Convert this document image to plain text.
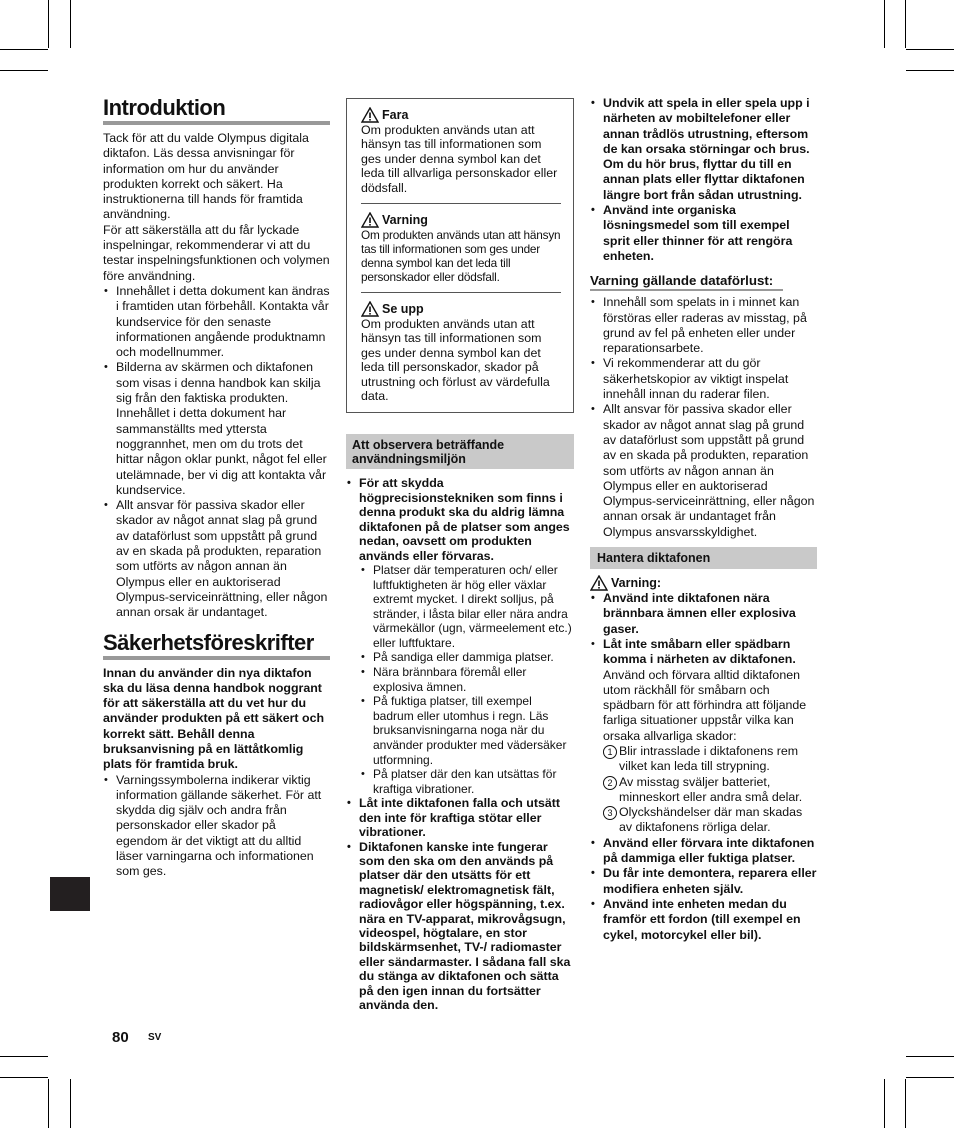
Introduktion

Tack för att du valde Olympus digitala diktafon. Läs dessa anvisningar för information om hur du använder produkten korrekt och säkert. Ha instruktionerna till hands för framtida användning.

För att säkerställa att du får lyckade inspelningar, rekommenderar vi att du testar inspelningsfunktionen och volymen före användning.

• Innehållet i detta dokument kan ändras i framtiden utan förbehåll. Kontakta vår kundservice för den senaste informationen angående produktnamn och modellnummer.
• Bilderna av skärmen och diktafonen som visas i denna handbok kan skilja sig från den faktiska produkten. Innehållet i detta dokument har sammanställts med yttersta noggrannhet, men om du trots det hittar någon oklar punkt, något fel eller utelämnade, ber vi dig att kontakta vår kundservice.
• Allt ansvar för passiva skador eller skador av något annat slag på grund av dataförlust som uppstått på grund av en skada på produkten, reparation som utförts av någon annan än Olympus eller en auktoriserad Olympus-serviceinrättning, eller någon annan orsak är undantaget.
Säkerhetsföreskrifter

Innan du använder din nya diktafon ska du läsa denna handbok noggrant för att säkerställa att du vet hur du använder produkten på ett säkert och korrekt sätt. Behåll denna bruksanvisning på en lättåtkomlig plats för framtida bruk.

• Varningssymbolerna indikerar viktig information gällande säkerhet. För att skydda dig själv och andra från personskador eller skador på egendom är det viktigt att du alltid läser varningarna och informationen som ges.
Fara

Om produkten används utan att hänsyn tas till informationen som ges under denna symbol kan det leda till allvarliga personskador eller dödsfall.

Varning

Om produkten används utan att hänsyn tas till informationen som ges under denna symbol kan det leda till personskador eller dödsfall.

Se upp

Om produkten används utan att hänsyn tas till informationen som ges under denna symbol kan det leda till personskador, skador på utrustning och förlust av värdefulla data.

Att observera beträffande användningsmiljön
• För att skydda högprecisionstekniken som finns i denna produkt ska du aldrig lämna diktafonen på de platser som anges nedan, oavsett om produkten används eller förvaras.
• Platser där temperaturen och/ eller luftfuktigheten är hög eller växlar extremt mycket. I direkt solljus, på stränder, i låsta bilar eller nära andra värmekällor (ugn, värmeelement etc.) eller luftfuktare.
• På sandiga eller dammiga platser.
• Nära brännbara föremål eller explosiva ämnen.
• På fuktiga platser, till exempel badrum eller utomhus i regn. Läs bruksanvisningarna noga när du använder produkter med vädersäker utformning.
• På platser där den kan utsättas för kraftiga vibrationer.
• Låt inte diktafonen falla och utsätt den inte för kraftiga stötar eller vibrationer.
• Diktafonen kanske inte fungerar som den ska om den används på platser där den utsätts för ett magnetisk/ elektromagnetisk fält, radiovågor eller högspänning, t.ex. nära en TV-apparat, mikrovågsugn, videospel, högtalare, en stor bildskärmsenhet, TV-/ radiomaster eller sändarmaster. I sådana fall ska du stänga av diktafonen och sätta på den igen innan du fortsätter använda den.
• Undvik att spela in eller spela upp i närheten av mobiltelefoner eller annan trådlös utrustning, eftersom de kan orsaka störningar och brus. Om du hör brus, flyttar du till en annan plats eller flyttar diktafonen längre bort från sådan utrustning.
• Använd inte organiska lösningsmedel som till exempel sprit eller thinner för att rengöra enheten.
Varning gällande dataförlust:
• Innehåll som spelats in i minnet kan förstöras eller raderas av misstag, på grund av fel på enheten eller under reparationsarbete.
• Vi rekommenderar att du gör säkerhetskopior av viktigt inspelat innehåll innan du raderar filen.
• Allt ansvar för passiva skador eller skador av något annat slag på grund av dataförlust som uppstått på grund av en skada på produkten, reparation som utförts av någon annan än Olympus eller en auktoriserad Olympus-serviceinrättning, eller någon annan orsak är undantaget från Olympus ansvarsskyldighet.
Hantera diktafonen
Varning:
• Använd inte diktafonen nära brännbara ämnen eller explosiva gaser.
• Låt inte småbarn eller spädbarn komma i närheten av diktafonen.
Använd och förvara alltid diktafonen utom räckhåll för småbarn och spädbarn för att förhindra att följande farliga situationer uppstår vilka kan orsaka allvarliga skador:
1 Blir intrasslade i diktafonens rem vilket kan leda till strypning.
2 Av misstag sväljer batteriet, minneskort eller andra små delar.
3 Olyckshändelser där man skadas av diktafonens rörliga delar.
• Använd eller förvara inte diktafonen på dammiga eller fuktiga platser.
• Du får inte demontera, reparera eller modifiera enheten själv.
• Använd inte enheten medan du framför ett fordon (till exempel en cykel, motorcykel eller bil).
80 SV
